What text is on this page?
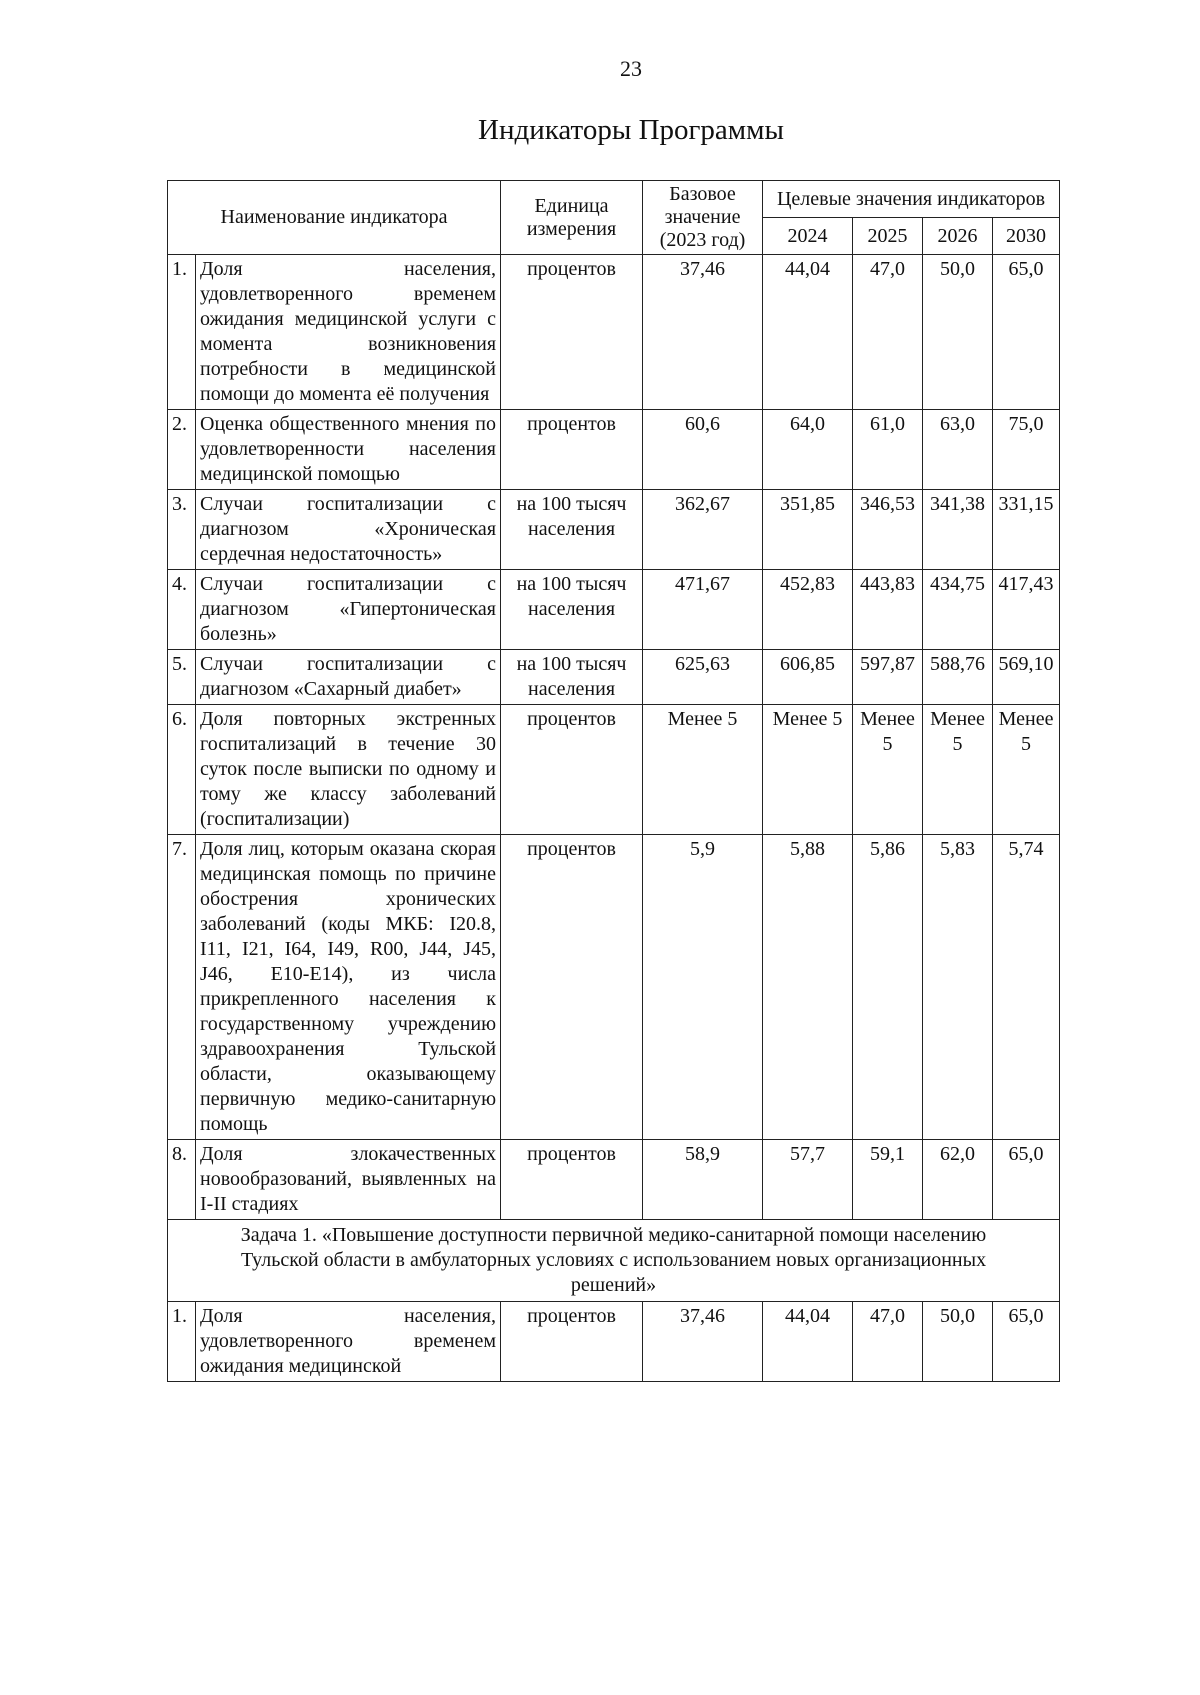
23
Индикаторы Программы
Наименование индикатора		Единица измерения	Базовое значение (2023 год)	Целевые значения индикаторов			
				2024	2025	2026	2030
1.	Доля населения, удовлетворенного временем ожидания медицинской услуги с момента возникновения потребности в медицинской помощи до момента её получения	процентов	37,46	44,04	47,0	50,0	65,0
2.	Оценка общественного мнения по удовлетворенности населения медицинской помощью	процентов	60,6	64,0	61,0	63,0	75,0
3.	Случаи госпитализации с диагнозом «Хроническая сердечная недостаточность»	на 100 тысяч населения	362,67	351,85	346,53	341,38	331,15
4.	Случаи госпитализации с диагнозом «Гипертоническая болезнь»	на 100 тысяч населения	471,67	452,83	443,83	434,75	417,43
5.	Случаи госпитализации с диагнозом «Сахарный диабет»	на 100 тысяч населения	625,63	606,85	597,87	588,76	569,10
6.	Доля повторных экстренных госпитализаций в течение 30 суток после выписки по одному и тому же классу заболеваний (госпитализации)	процентов	Менее 5	Менее 5	Менее 5	Менее 5	Менее 5
7.	Доля лиц, которым оказана скорая медицинская помощь по причине обострения хронических заболеваний (коды МКБ: I20.8, I11, I21, I64, I49, R00, J44, J45, J46, E10-E14), из числа прикрепленного населения к государственному учреждению здравоохранения Тульской области, оказывающему первичную медико-санитарную помощь	процентов	5,9	5,88	5,86	5,83	5,74
8.	Доля злокачественных новообразований, выявленных на I-II стадиях	процентов	58,9	57,7	59,1	62,0	65,0
Задача 1. «Повышение доступности первичной медико-санитарной помощи населению Тульской области в амбулаторных условиях с использованием новых организационных решений»							
1.	Доля населения, удовлетворенного временем ожидания медицинской	процентов	37,46	44,04	47,0	50,0	65,0
